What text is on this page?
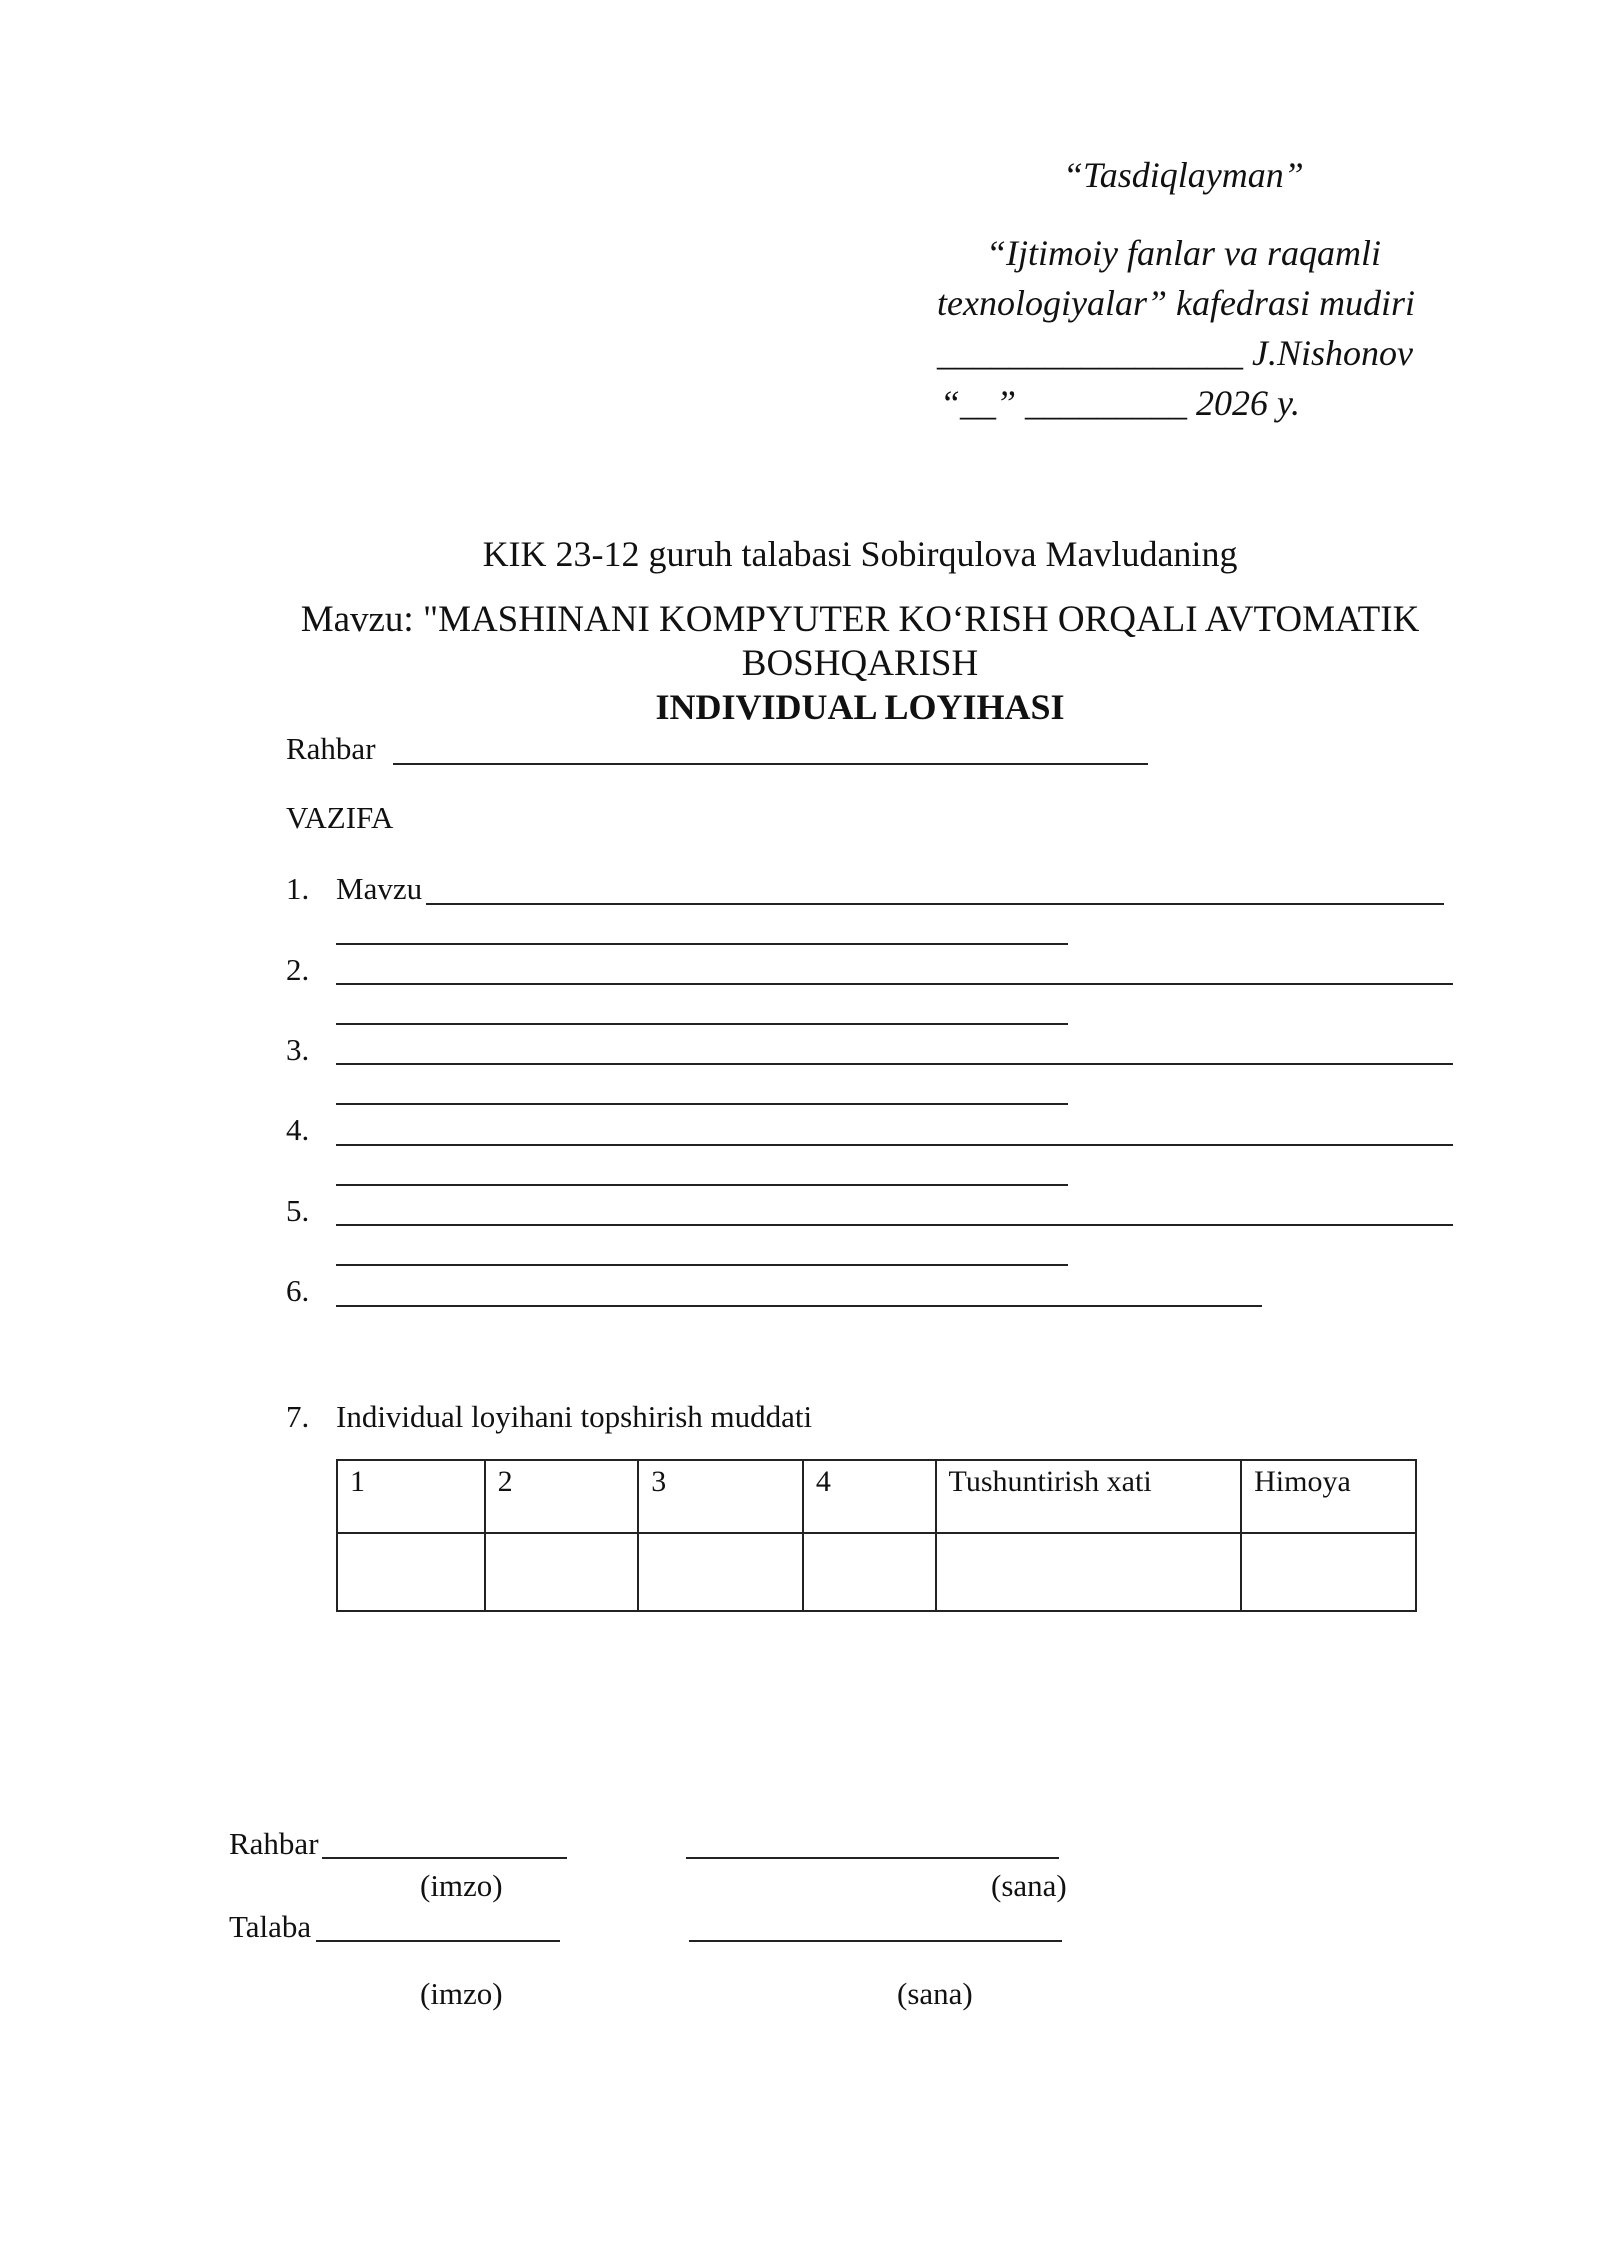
“Tasdiqlayman”
“Ijtimoiy fanlar va raqamli
texnologiyalar” kafedrasi mudiri
_________________ J.Nishonov
“__” _________ 2026 y.
KIK 23-12 guruh talabasi Sobirqulova Mavludaning
Mavzu: "MASHINANI KOMPYUTER KO‘RISH ORQALI AVTOMATIK
BOSHQARISH
INDIVIDUAL LOYIHASI
Rahbar
VAZIFA
1. Mavzu
2.
3.
4.
5.
6.
7. Individual loyihani topshirish muddati
1	2	3	4	Tushuntirish xati	Himoya

Rahbar
(imzo)	(sana)
Talaba
(imzo)	(sana)
